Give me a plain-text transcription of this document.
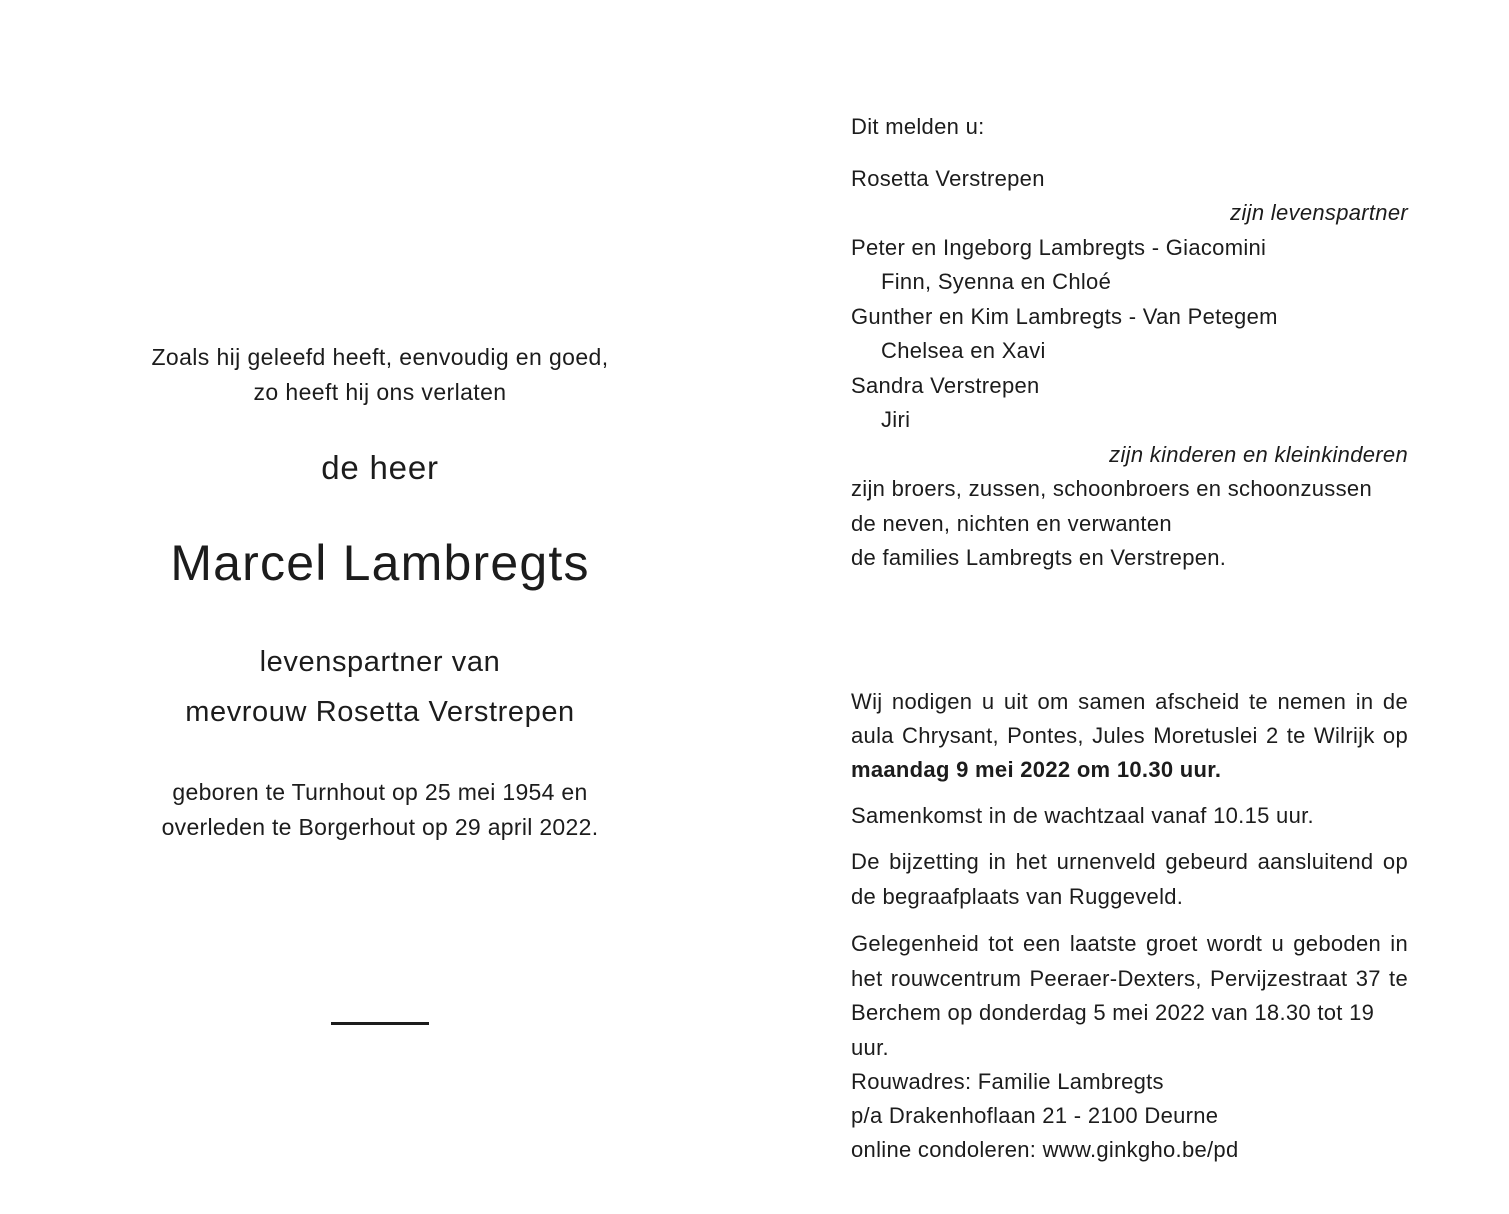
Zoals hij geleefd heeft, eenvoudig en goed,
zo heeft hij ons verlaten
de heer
Marcel Lambregts
levenspartner van
mevrouw Rosetta Verstrepen
geboren te Turnhout op 25 mei 1954 en
overleden te Borgerhout op 29 april 2022.
Dit melden u:
Rosetta Verstrepen
zijn levenspartner
Peter en Ingeborg Lambregts - Giacomini
Finn, Syenna en Chloé
Gunther en Kim Lambregts - Van Petegem
Chelsea en Xavi
Sandra Verstrepen
Jiri
zijn kinderen en kleinkinderen
zijn broers, zussen, schoonbroers en schoonzussen
de neven, nichten en verwanten
de families Lambregts en Verstrepen.
Wij nodigen u uit om samen afscheid te nemen in de
aula Chrysant, Pontes, Jules Moretuslei 2 te Wilrijk op
maandag 9 mei 2022 om 10.30 uur.
Samenkomst in de wachtzaal vanaf 10.15 uur.
De bijzetting in het urnenveld gebeurd aansluitend op
de begraafplaats van Ruggeveld.
Gelegenheid tot een laatste groet wordt u geboden in
het rouwcentrum Peeraer-Dexters, Pervijzestraat 37 te
Berchem op donderdag 5 mei 2022 van 18.30 tot 19 uur.
Rouwadres: Familie Lambregts
p/a Drakenhoflaan 21 - 2100 Deurne
online condoleren: www.ginkgho.be/pd
